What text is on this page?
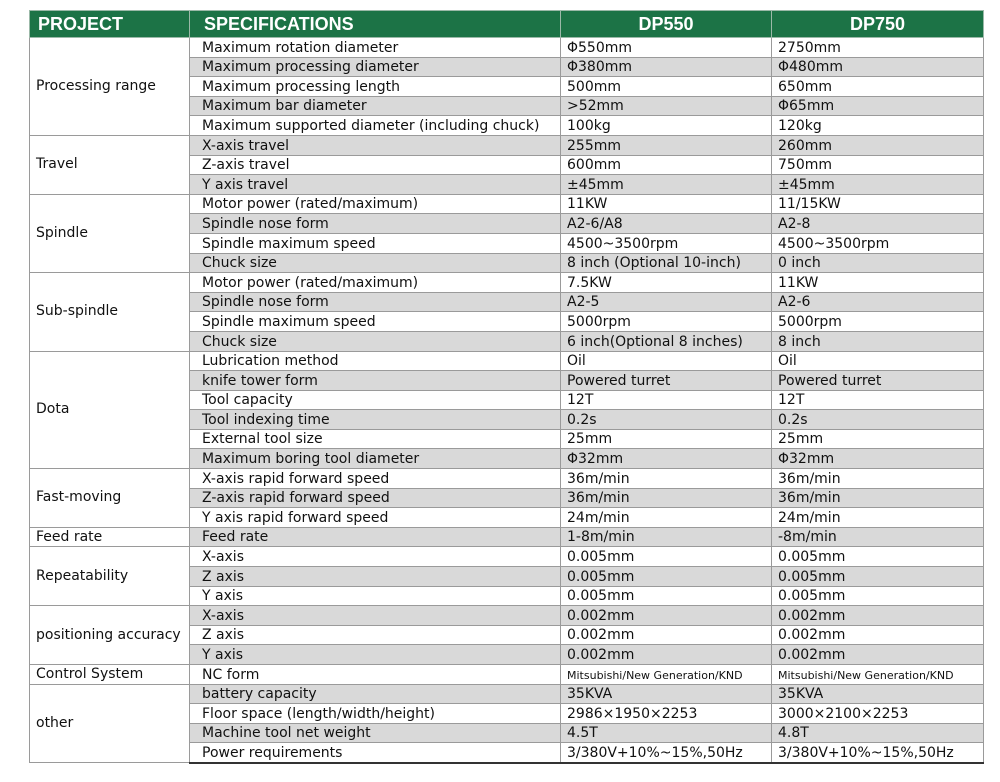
PROJECT	SPECIFICATIONS	DP550	DP750
Processing range	Maximum rotation diameter	Φ550mm	2750mm
	Maximum processing diameter	Φ380mm	Φ480mm
	Maximum processing length	500mm	650mm
	Maximum bar diameter	>52mm	Φ65mm
	Maximum supported diameter (including chuck)	100kg	120kg
Travel	X-axis travel	255mm	260mm
	Z-axis travel	600mm	750mm
	Y axis travel	±45mm	±45mm
Spindle	Motor power (rated/maximum)	11KW	11/15KW
	Spindle nose form	A2-6/A8	A2-8
	Spindle maximum speed	4500~3500rpm	4500~3500rpm
	Chuck size	8 inch (Optional 10-inch)	0 inch
Sub-spindle	Motor power (rated/maximum)	7.5KW	11KW
	Spindle nose form	A2-5	A2-6
	Spindle maximum speed	5000rpm	5000rpm
	Chuck size	6 inch(Optional 8 inches)	8 inch
Dota	Lubrication method	Oil	Oil
	knife tower form	Powered turret	Powered turret
	Tool capacity	12T	12T
	Tool indexing time	0.2s	0.2s
	External tool size	25mm	25mm
	Maximum boring tool diameter	Φ32mm	Φ32mm
Fast-moving	X-axis rapid forward speed	36m/min	36m/min
	Z-axis rapid forward speed	36m/min	36m/min
	Y axis rapid forward speed	24m/min	24m/min
Feed rate	Feed rate	1-8m/min	-8m/min
Repeatability	X-axis	0.005mm	0.005mm
	Z axis	0.005mm	0.005mm
	Y axis	0.005mm	0.005mm
positioning accuracy	X-axis	0.002mm	0.002mm
	Z axis	0.002mm	0.002mm
	Y axis	0.002mm	0.002mm
Control System	NC form	Mitsubishi/New Generation/KND	Mitsubishi/New Generation/KND
other	battery capacity	35KVA	35KVA
	Floor space (length/width/height)	2986×1950×2253	3000×2100×2253
	Machine tool net weight	4.5T	4.8T
	Power requirements	3/380V+10%~15%,50Hz	3/380V+10%~15%,50Hz
